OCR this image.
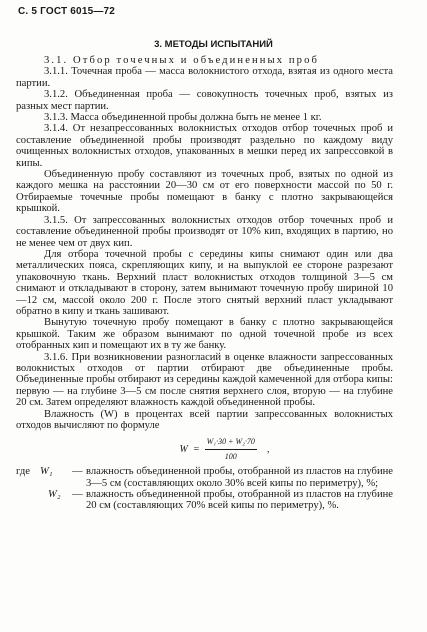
С. 5 ГОСТ 6015—72
3. МЕТОДЫ ИСПЫТАНИЙ

3.1. Отбор точечных и объединенных проб

3.1.1. Точечная проба — масса волокнистого отхода, взятая из одного места партии.

3.1.2. Объединенная проба — совокупность точечных проб, взятых из разных мест партии.

3.1.3. Масса объединенной пробы должна быть не менее 1 кг.

3.1.4. От незапрессованных волокнистых отходов отбор точечных проб и составление объединенной пробы производят раздельно по каждому виду очищенных волокнистых отходов, упакованных в мешки перед их запрессовкой в кипы.

Объединенную пробу составляют из точечных проб, взятых по одной из каждого мешка на расстоянии 20—30 см от его поверхности массой по 50 г. Отбираемые точечные пробы помещают в банку с плотно закрывающейся крышкой.

3.1.5. От запрессованных волокнистых отходов отбор точечных проб и составление объединенной пробы производят от 10% кип, входящих в партию, но не менее чем от двух кип.

Для отбора точечной пробы с середины кипы снимают один или два металлических пояса, скрепляющих кипу, и на выпуклой ее стороне разрезают упаковочную ткань. Верхний пласт волокнистых отходов толщиной 3—5 см снимают и откладывают в сторону, затем вынимают точечную пробу шириной 10—12 см, массой около 200 г. После этого снятый верхний пласт укладывают обратно в кипу и ткань зашивают.

Вынутую точечную пробу помещают в банку с плотно закрывающейся крышкой. Таким же образом вынимают по одной точечной пробе из всех отобранных кип и помещают их в ту же банку.

3.1.6. При возникновении разногласий в оценке влажности запрессованных волокнистых отходов от партии отбирают две объединенные пробы. Объединенные пробы отбирают из середины каждой камеченной для отбора кипы: первую — на глубине 3—5 см после снятия верхнего слоя, вторую — на глубине 20 см. Затем определяют влажность каждой объединенной пробы.

Влажность (W) в процентах всей партии запрессованных волокнистых отходов вычисляют по формуле

$W = \frac{\text{W₁·30 + W₂·70}}{100}$ ,
где W₁	— влажность объединенной пробы, отобранной из пластов на глубине 3—5 см (составляющих около 30% всей кипы по периметру), %;
W₂	— влажность объединенной пробы, отобранной из пластов на глубине 20 см (составляющих 70% всей кипы по периметру), %.
